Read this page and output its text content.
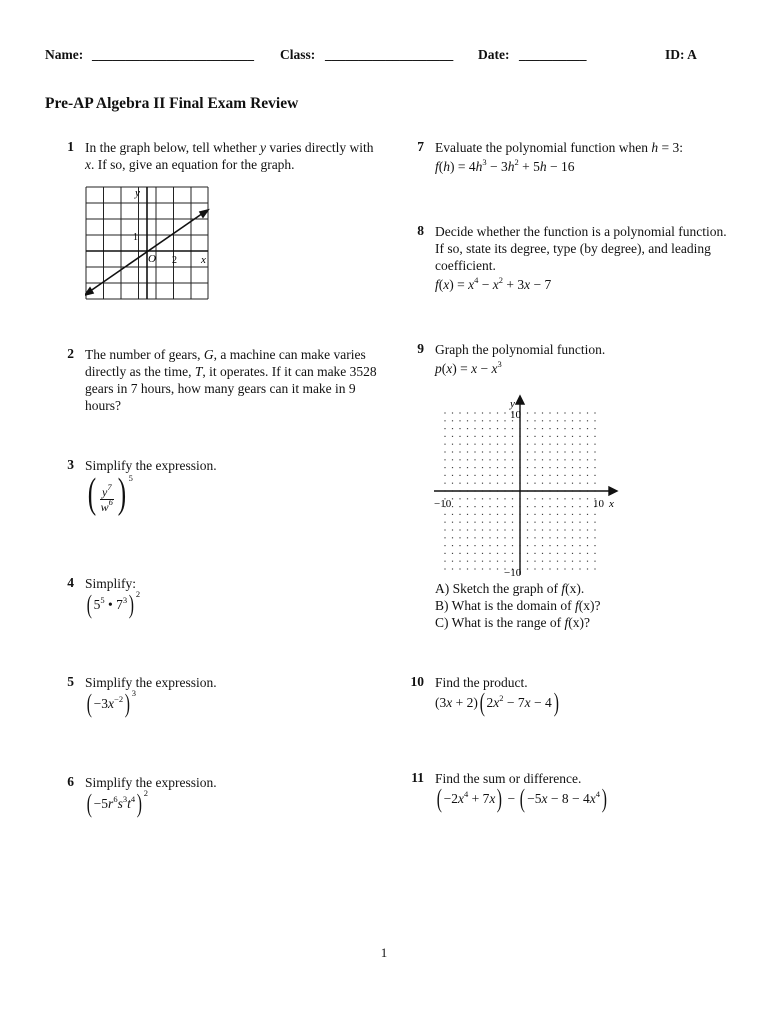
Name: ________________________ Class: ___________________ Date: __________	ID: A
Pre-AP Algebra II Final Exam Review
1 In the graph below, tell whether y varies directly with x. If so, give an equation for the graph.
y
x
O
1
2
2 The number of gears, G, a machine can make varies directly as the time, T, it operates. If it can make 3528 gears in 7 hours, how many gears can it make in 9 hours?
3 Simplify the expression.
( $\frac{y^7}{w^6}$ ) $^5$
4 Simplify:
( $5^5$ • $7^3$) $^2$
5 Simplify the expression.
( $-3x^{-2}$) $^3$
6 Simplify the expression.
( $-5r^6s^3t^4$) $^2$
7 Evaluate the polynomial function when h = 3:
$f(h) = 4h^3 - 3h^2 + 5h - 16$
8 Decide whether the function is a polynomial function. If so, state its degree, type (by degree), and leading coefficient.
$f(x) = x^4 - x^2 + 3x - 7$
9 Graph the polynomial function.
$p(x) = x - x^3$
y
10
−10
−10	10 x
A) Sketch the graph of f(x).
B) What is the domain of f(x)?
C) What is the range of f(x)?
10 Find the product.
(3x + 2)( $2x^2 - 7x - 4$)
11 Find the sum or difference.
( $-2x^4 + 7x$) − ( $-5x - 8 - 4x^4$)
1
